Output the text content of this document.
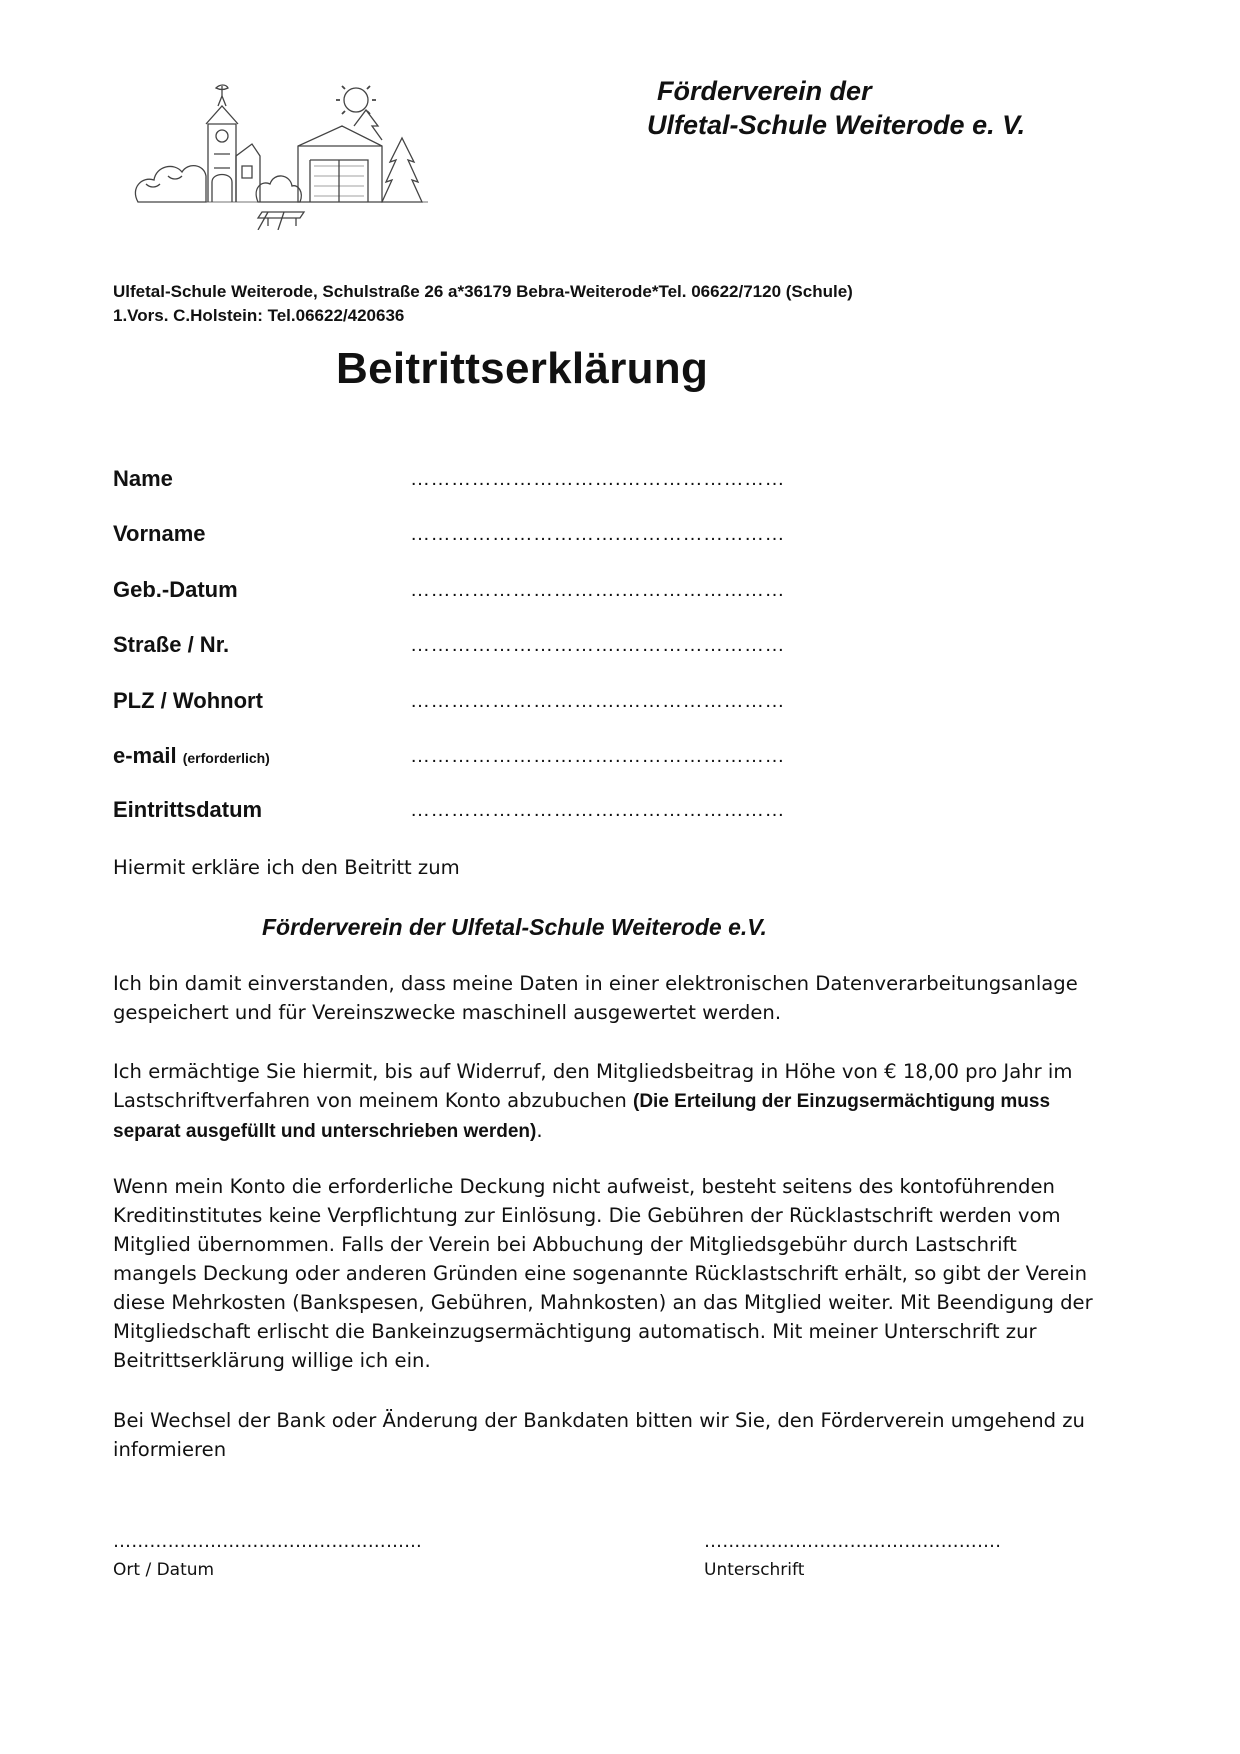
Förderverein der
Ulfetal-Schule Weiterode e. V.
Ulfetal-Schule Weiterode, Schulstraße 26 a*36179 Bebra-Weiterode*Tel. 06622/7120 (Schule)
1.Vors. C.Holstein: Tel.06622/420636
Beitrittserklärung
Name	………………………….……………………
Vorname	………………………….……………………
Geb.-Datum	………………………….……………………
Straße / Nr.	………………………….……………………
PLZ / Wohnort	………………………….……………………
e-mail (erforderlich)	………………………….……………………
Eintrittsdatum	………………………….……………………
Hiermit erkläre ich den Beitritt zum
Förderverein der Ulfetal-Schule Weiterode e.V.
Ich bin damit einverstanden, dass meine Daten in einer elektronischen Datenverarbeitungsanlage gespeichert und für Vereinszwecke maschinell ausgewertet werden.
Ich ermächtige Sie hiermit, bis auf Widerruf, den Mitgliedsbeitrag in Höhe von € 18,00 pro Jahr im Lastschriftverfahren von meinem Konto abzubuchen (Die Erteilung der Einzugsermächtigung muss separat ausgefüllt und unterschrieben werden).
Wenn mein Konto die erforderliche Deckung nicht aufweist, besteht seitens des kontoführenden Kreditinstitutes keine Verpflichtung zur Einlösung. Die Gebühren der Rücklastschrift werden vom Mitglied übernommen. Falls der Verein bei Abbuchung der Mitgliedsgebühr durch Lastschrift mangels Deckung oder anderen Gründen eine sogenannte Rücklastschrift erhält, so gibt der Verein diese Mehrkosten (Bankspesen, Gebühren, Mahnkosten) an das Mitglied weiter. Mit Beendigung der Mitgliedschaft erlischt die Bankeinzugsermächtigung automatisch. Mit meiner Unterschrift zur Beitrittserklärung willige ich ein.
Bei Wechsel der Bank oder Änderung der Bankdaten bitten wir Sie, den Förderverein umgehend zu informieren
…………………………………………...
Ort / Datum
………………………………………….
Unterschrift
